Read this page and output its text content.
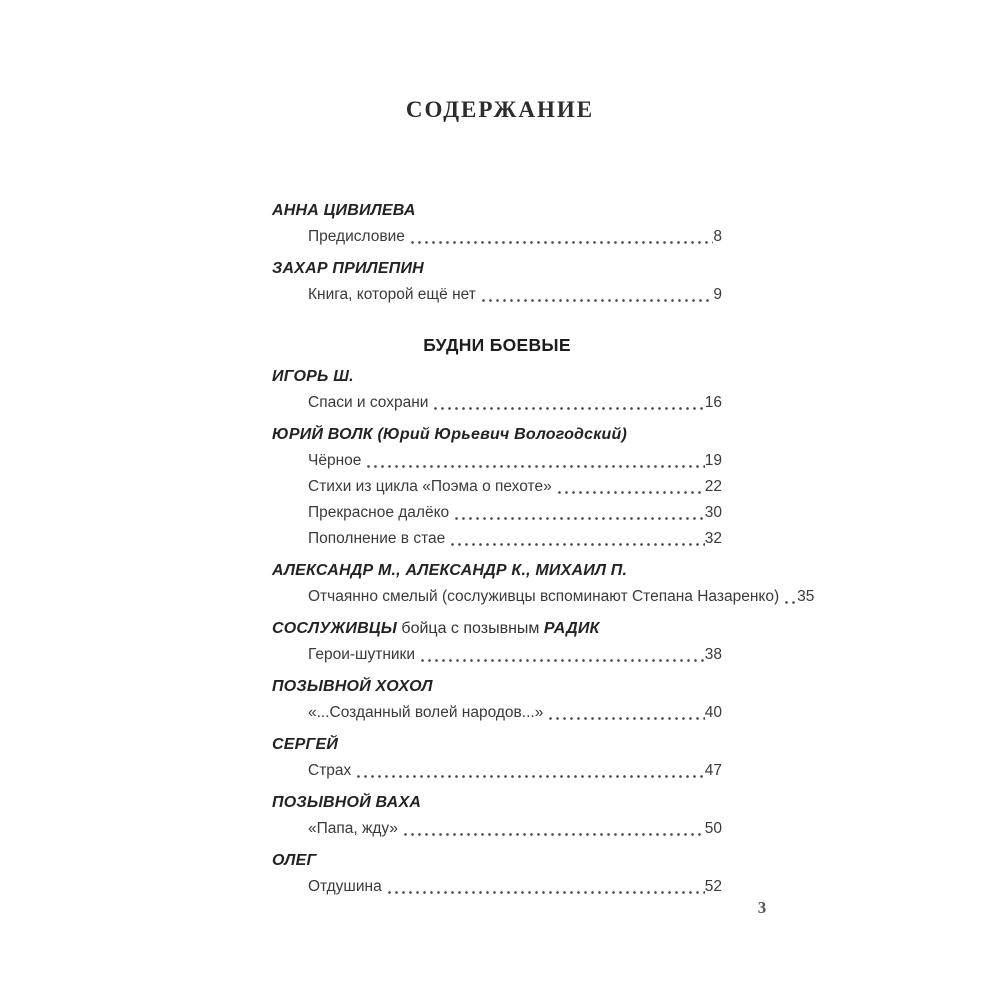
СОДЕРЖАНИЕ
АННА ЦИВИЛЕВА
Предисловие	8
ЗАХАР ПРИЛЕПИН
Книга, которой ещё нет	9
БУДНИ БОЕВЫЕ
ИГОРЬ Ш.
Спаси и сохрани	16
ЮРИЙ ВОЛК (Юрий Юрьевич Вологодский)
Чёрное	19
Стихи из цикла «Поэма о пехоте»	22
Прекрасное далёко	30
Пополнение в стае	32
АЛЕКСАНДР М., АЛЕКСАНДР К., МИХАИЛ П.
Отчаянно смелый (сослуживцы вспоминают Степана Назаренко) 35
СОСЛУЖИВЦЫ бойца с позывным РАДИК
Герои-шутники	38
ПОЗЫВНОЙ ХОХОЛ
«...Созданный волей народов...»	40
СЕРГЕЙ
Страх	47
ПОЗЫВНОЙ ВАХА
«Папа, жду»	50
ОЛЕГ
Отдушина	52
3
